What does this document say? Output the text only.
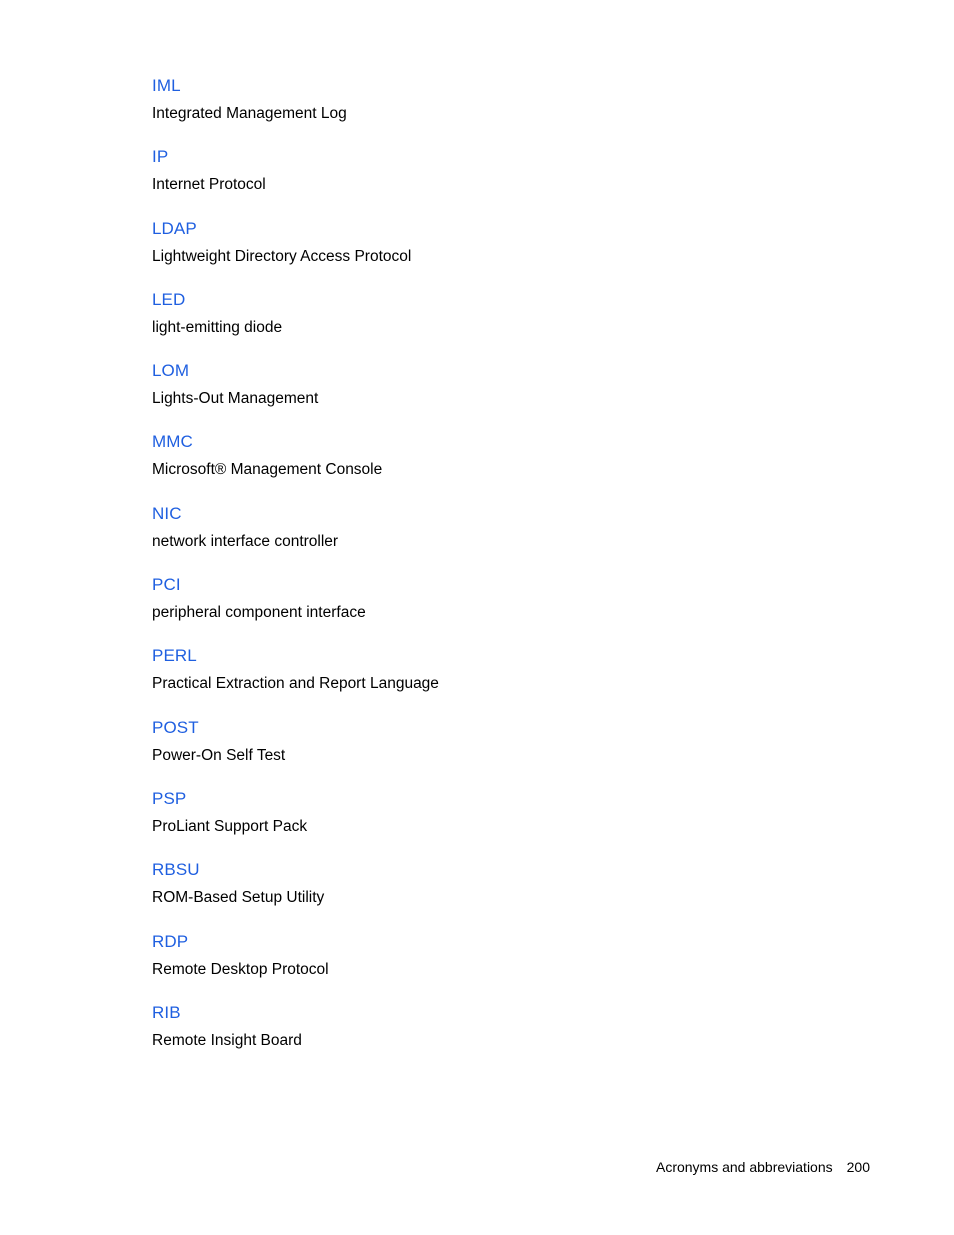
IML
Integrated Management Log
IP
Internet Protocol
LDAP
Lightweight Directory Access Protocol
LED
light-emitting diode
LOM
Lights-Out Management
MMC
Microsoft® Management Console
NIC
network interface controller
PCI
peripheral component interface
PERL
Practical Extraction and Report Language
POST
Power-On Self Test
PSP
ProLiant Support Pack
RBSU
ROM-Based Setup Utility
RDP
Remote Desktop Protocol
RIB
Remote Insight Board
Acronyms and abbreviations 200
